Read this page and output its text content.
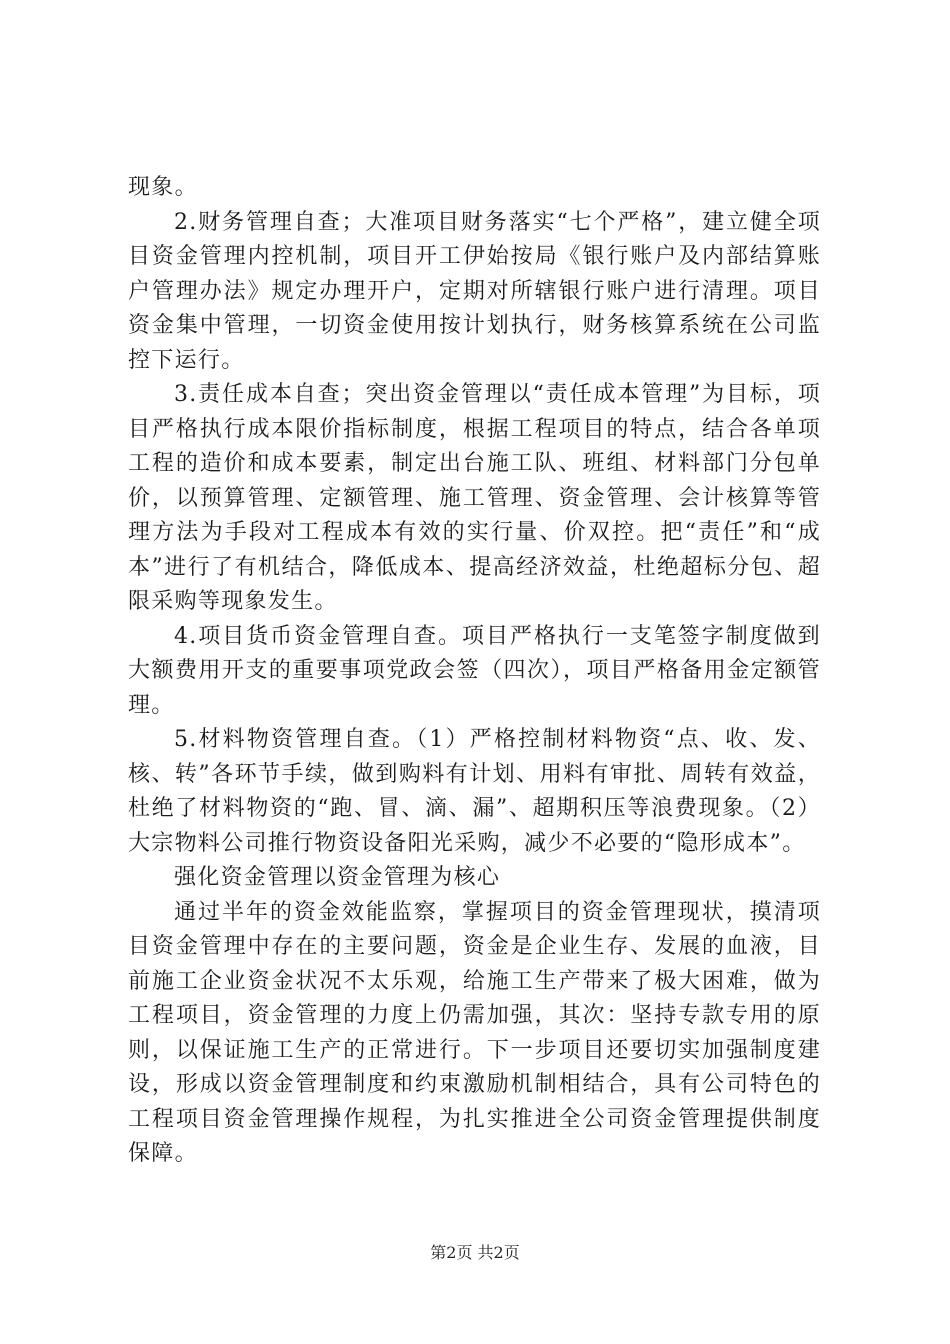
现象。

2.财务管理自查；大准项目财务落实“七个严格”，建立健全项目资金管理内控机制，项目开工伊始按局《银行账户及内部结算账户管理办法》规定办理开户，定期对所辖银行账户进行清理。项目资金集中管理，一切资金使用按计划执行，财务核算系统在公司监控下运行。

3.责任成本自查；突出资金管理以“责任成本管理”为目标，项目严格执行成本限价指标制度，根据工程项目的特点，结合各单项工程的造价和成本要素，制定出台施工队、班组、材料部门分包单价，以预算管理、定额管理、施工管理、资金管理、会计核算等管理方法为手段对工程成本有效的实行量、价双控。把“责任”和“成本”进行了有机结合，降低成本、提高经济效益，杜绝超标分包、超限采购等现象发生。

4.项目货币资金管理自查。项目严格执行一支笔签字制度做到大额费用开支的重要事项党政会签（四次），项目严格备用金定额管理。

5.材料物资管理自查。（1）严格控制材料物资“点、收、发、核、转”各环节手续，做到购料有计划、用料有审批、周转有效益，杜绝了材料物资的“跑、冒、滴、漏”、超期积压等浪费现象。（2）大宗物料公司推行物资设备阳光采购，减少不必要的“隐形成本”。

强化资金管理以资金管理为核心

通过半年的资金效能监察，掌握项目的资金管理现状，摸清项目资金管理中存在的主要问题，资金是企业生存、发展的血液，目前施工企业资金状况不太乐观，给施工生产带来了极大困难，做为工程项目，资金管理的力度上仍需加强，其次：坚持专款专用的原则，以保证施工生产的正常进行。下一步项目还要切实加强制度建设，形成以资金管理制度和约束激励机制相结合，具有公司特色的工程项目资金管理操作规程，为扎实推进全公司资金管理提供制度保障。

第2页 共2页
